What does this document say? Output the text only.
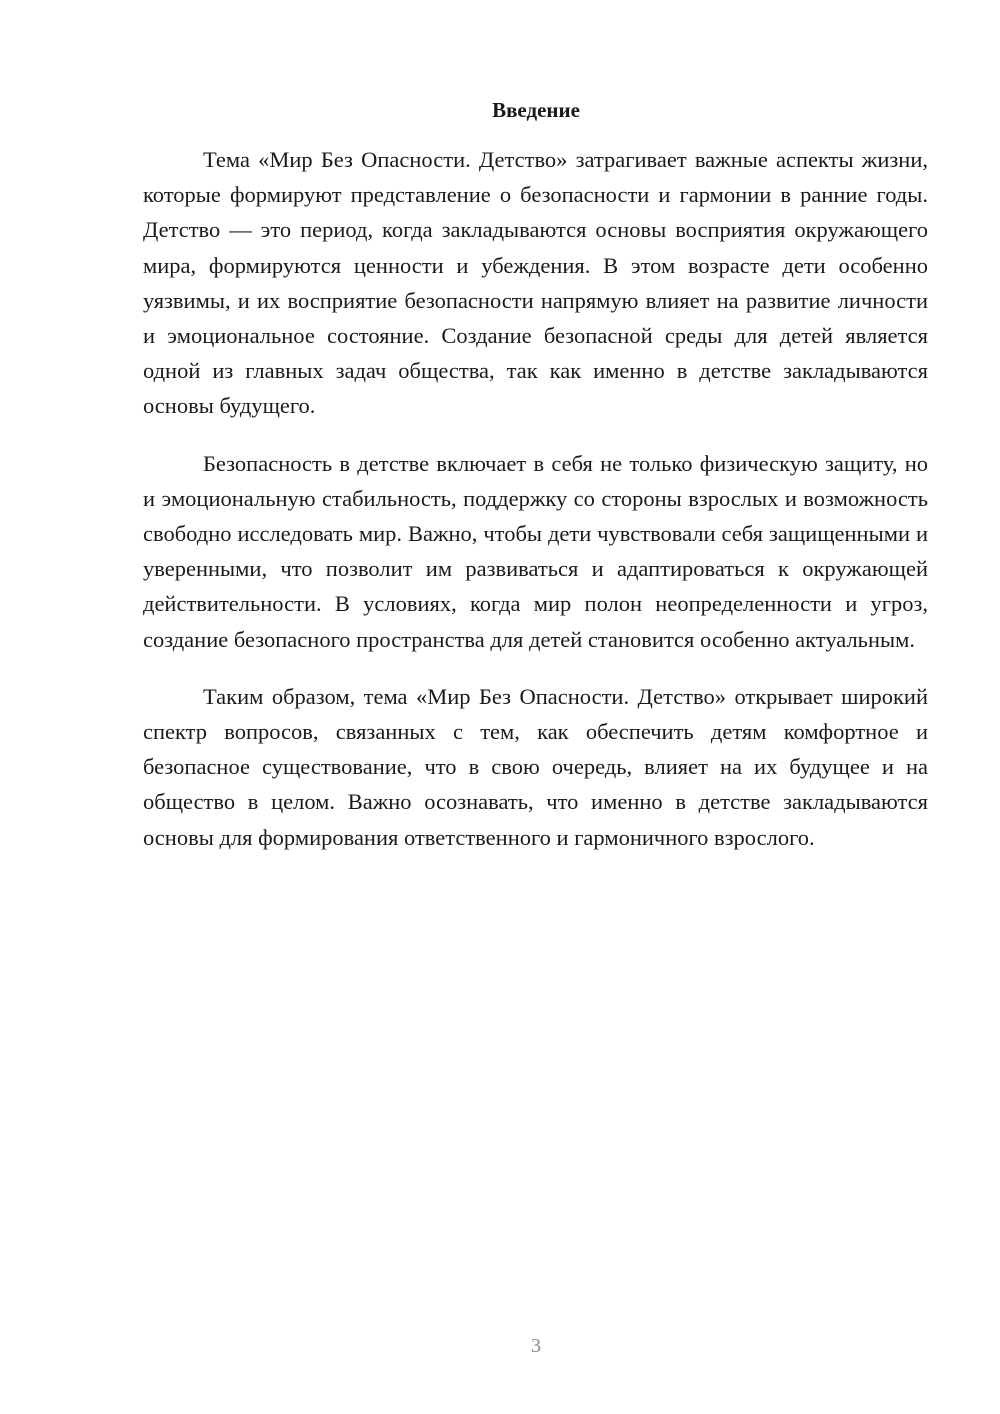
Введение

Тема «Мир Без Опасности. Детство» затрагивает важные аспекты жизни, которые формируют представление о безопасности и гармонии в ранние годы. Детство — это период, когда закладываются основы восприятия окружающего мира, формируются ценности и убеждения. В этом возрасте дети особенно уязвимы, и их восприятие безопасности напрямую влияет на развитие личности и эмоциональное состояние. Создание безопасной среды для детей является одной из главных задач общества, так как именно в детстве закладываются основы будущего.

Безопасность в детстве включает в себя не только физическую защиту, но и эмоциональную стабильность, поддержку со стороны взрослых и возможность свободно исследовать мир. Важно, чтобы дети чувствовали себя защищенными и уверенными, что позволит им развиваться и адаптироваться к окружающей действительности. В условиях, когда мир полон неопределенности и угроз, создание безопасного пространства для детей становится особенно актуальным.

Таким образом, тема «Мир Без Опасности. Детство» открывает широкий спектр вопросов, связанных с тем, как обеспечить детям комфортное и безопасное существование, что в свою очередь, влияет на их будущее и на общество в целом. Важно осознавать, что именно в детстве закладываются основы для формирования ответственного и гармоничного взрослого.

3
